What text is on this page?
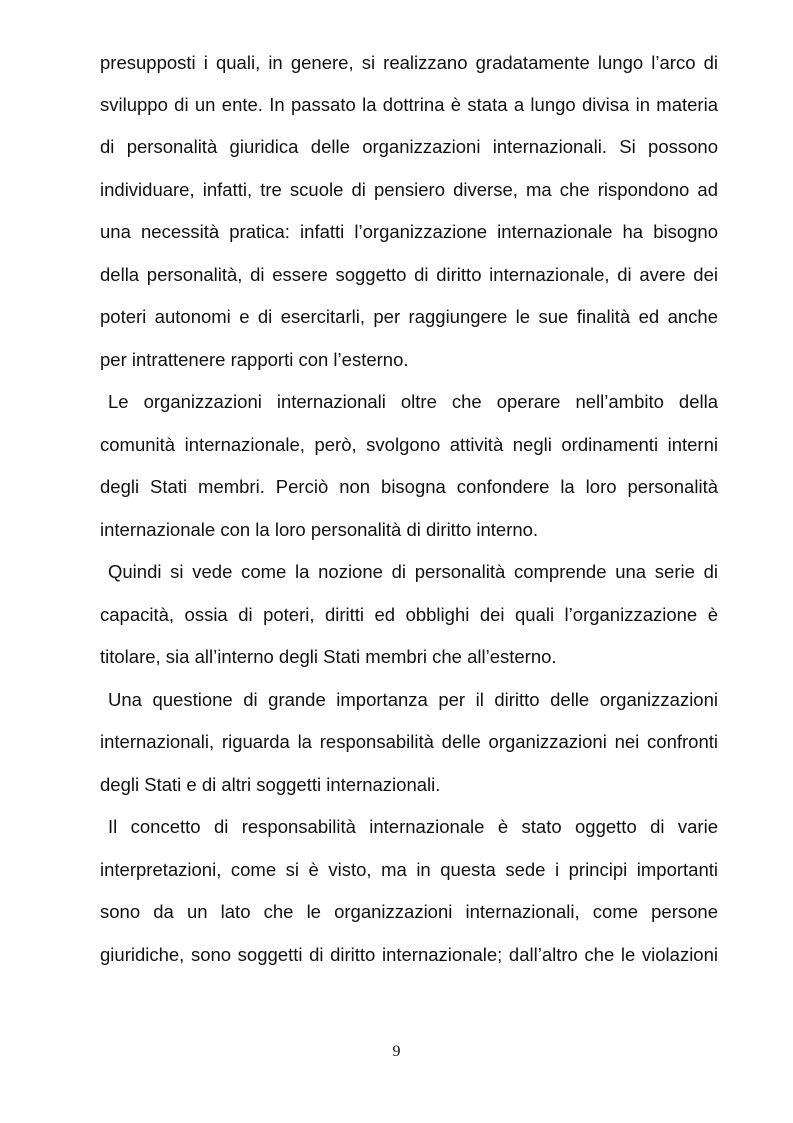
presupposti i quali, in genere, si realizzano gradatamente lungo l’arco di
sviluppo di un ente. In passato la dottrina è stata a lungo divisa in materia
di personalità giuridica delle organizzazioni internazionali. Si possono
individuare, infatti, tre scuole di pensiero diverse, ma che rispondono ad
una necessità pratica: infatti l’organizzazione internazionale ha bisogno
della personalità, di essere soggetto di diritto internazionale, di avere dei
poteri autonomi e di esercitarli, per raggiungere le sue finalità ed anche
per intrattenere rapporti con l’esterno.
Le organizzazioni internazionali oltre che operare nell’ambito della
comunità internazionale, però, svolgono attività negli ordinamenti interni
degli Stati membri. Perciò non bisogna confondere la loro personalità
internazionale con la loro personalità di diritto interno.
Quindi si vede come la nozione di personalità comprende una serie di
capacità, ossia di poteri, diritti ed obblighi dei quali l’organizzazione è
titolare, sia all’interno degli Stati membri che all’esterno.
Una questione di grande importanza per il diritto delle organizzazioni
internazionali, riguarda la responsabilità delle organizzazioni nei confronti
degli Stati e di altri soggetti internazionali.
Il concetto di responsabilità internazionale è stato oggetto di varie
interpretazioni, come si è visto, ma in questa sede i principi importanti
sono da un lato che le organizzazioni internazionali, come persone
giuridiche, sono soggetti di diritto internazionale; dall’altro che le violazioni
9
